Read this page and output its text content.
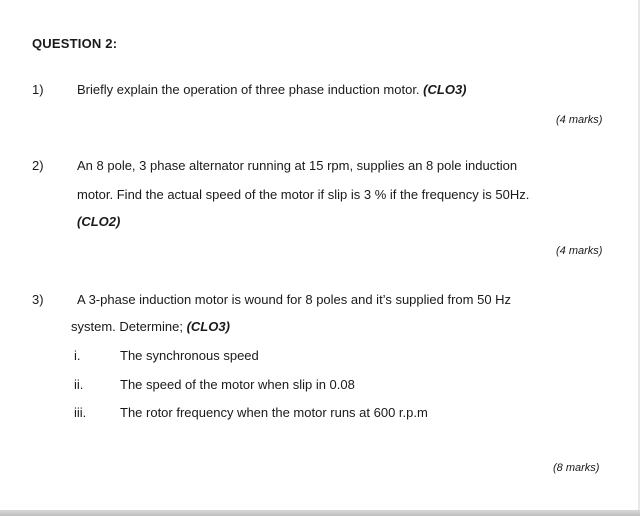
QUESTION 2:
1)	Briefly explain the operation of three phase induction motor. (CLO3)
(4 marks)
2)	An 8 pole, 3 phase alternator running at 15 rpm, supplies an 8 pole induction
motor. Find the actual speed of the motor if slip is 3 % if the frequency is 50Hz.
(CLO2)
(4 marks)
3)	A 3-phase induction motor is wound for 8 poles and it’s supplied from 50 Hz
system. Determine; (CLO3)
i.	The synchronous speed
ii.	The speed of the motor when slip in 0.08
iii.	The rotor frequency when the motor runs at 600 r.p.m
(8 marks)
